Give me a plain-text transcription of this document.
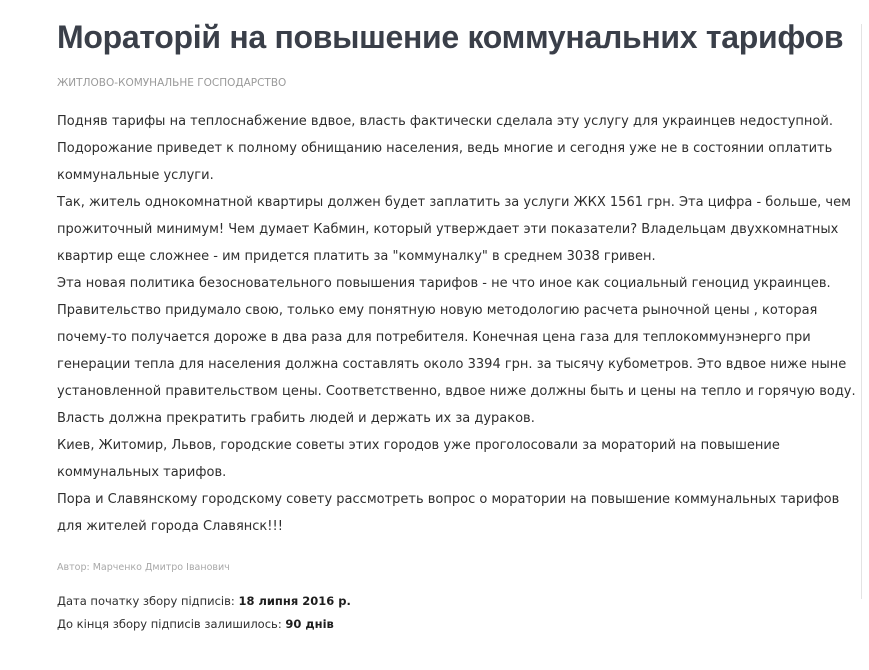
Мораторій на повышение коммунальних тарифов
ЖИТЛОВО-КОМУНАЛЬНЕ ГОСПОДАРСТВО

Подняв тарифы на теплоснабжение вдвое, власть фактически сделала эту услугу для украинцев недоступной.

Подорожание приведет к полному обнищанию населения, ведь многие и сегодня уже не в состоянии оплатить

коммунальные услуги.

Так, житель однокомнатной квартиры должен будет заплатить за услуги ЖКХ 1561 грн. Эта цифра - больше, чем

прожиточный минимум! Чем думает Кабмин, который утверждает эти показатели? Владельцам двухкомнатных

квартир еще сложнее - им придется платить за "коммуналку" в среднем 3038 гривен.

Эта новая политика безосновательного повышения тарифов - не что иное как социальный геноцид украинцев.

Правительство придумало свою, только ему понятную новую методологию расчета рыночной цены , которая

почему-то получается дороже в два раза для потребителя. Конечная цена газа для теплокоммунэнерго при

генерации тепла для населения должна составлять около 3394 грн. за тысячу кубометров. Это вдвое ниже ныне

установленной правительством цены. Соответственно, вдвое ниже должны быть и цены на тепло и горячую воду.

Власть должна прекратить грабить людей и держать их за дураков.

Киев, Житомир, Львов, городские советы этих городов уже проголосовали за мораторий на повышение

коммунальных тарифов.

Пора и Славянскому городскому совету рассмотреть вопрос о моратории на повышение коммунальных тарифов

для жителей города Славянск!!!

Автор: Марченко Дмитро Іванович
Дата початку збору підписів: 18 липня 2016 р.
До кінця збору підписів залишилось: 90 днів
